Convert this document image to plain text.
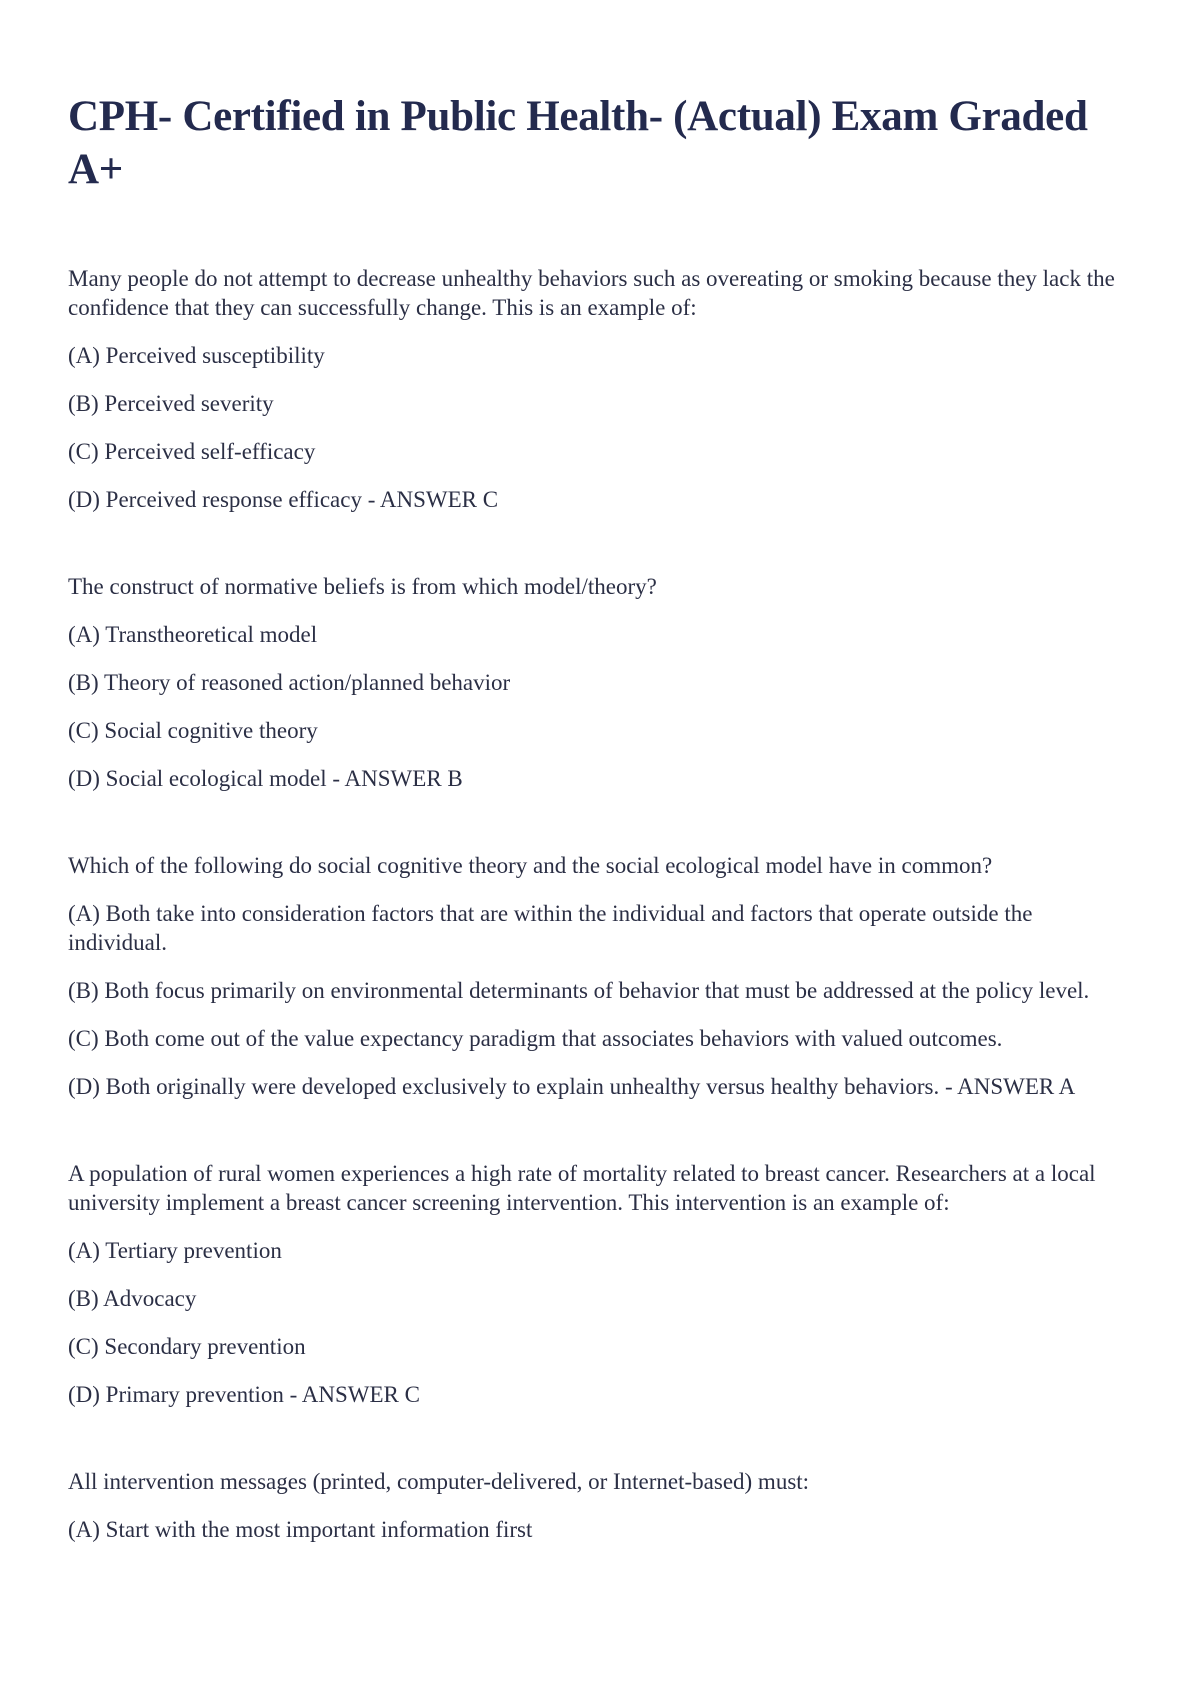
CPH- Certified in Public Health- (Actual) Exam Graded A+

Many people do not attempt to decrease unhealthy behaviors such as overeating or smoking because they lack the confidence that they can successfully change. This is an example of:

(A) Perceived susceptibility

(B) Perceived severity

(C) Perceived self-efficacy

(D) Perceived response efficacy - ANSWER C

The construct of normative beliefs is from which model/theory?

(A) Transtheoretical model

(B) Theory of reasoned action/planned behavior

(C) Social cognitive theory

(D) Social ecological model - ANSWER B

Which of the following do social cognitive theory and the social ecological model have in common?

(A) Both take into consideration factors that are within the individual and factors that operate outside the individual.

(B) Both focus primarily on environmental determinants of behavior that must be addressed at the policy level.

(C) Both come out of the value expectancy paradigm that associates behaviors with valued outcomes.

(D) Both originally were developed exclusively to explain unhealthy versus healthy behaviors. - ANSWER A

A population of rural women experiences a high rate of mortality related to breast cancer. Researchers at a local university implement a breast cancer screening intervention. This intervention is an example of:

(A) Tertiary prevention

(B) Advocacy

(C) Secondary prevention

(D) Primary prevention - ANSWER C

All intervention messages (printed, computer-delivered, or Internet-based) must:

(A) Start with the most important information first
